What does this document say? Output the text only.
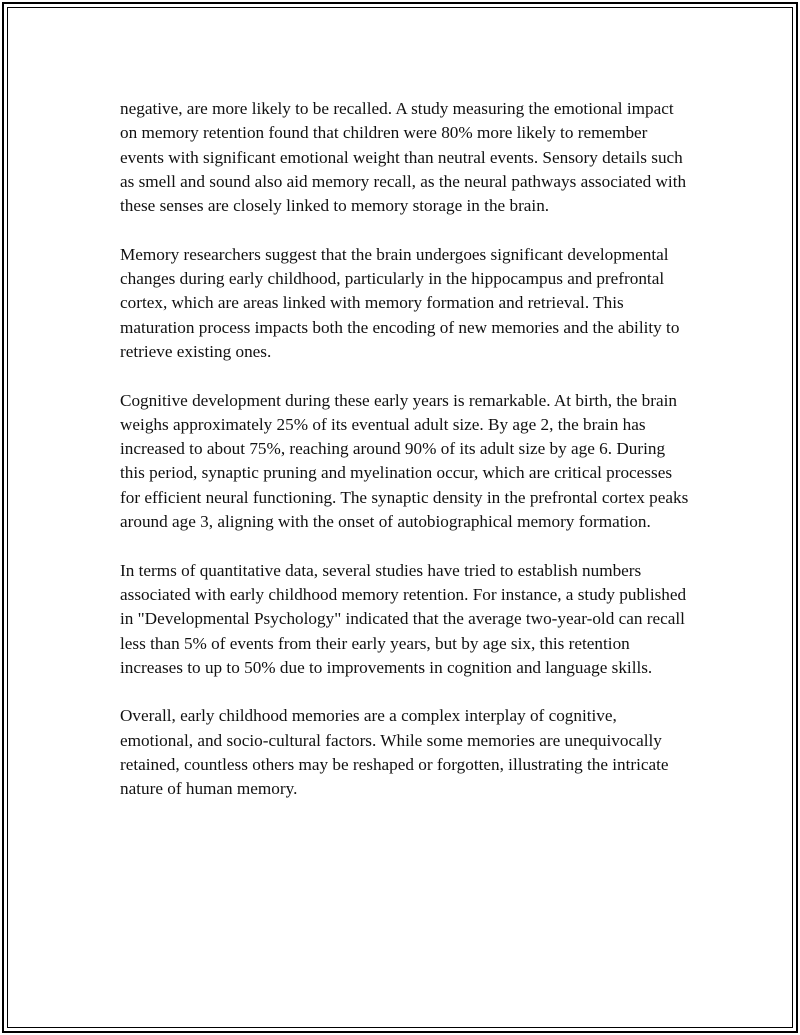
negative, are more likely to be recalled. A study measuring the emotional impact on memory retention found that children were 80% more likely to remember events with significant emotional weight than neutral events. Sensory details such as smell and sound also aid memory recall, as the neural pathways associated with these senses are closely linked to memory storage in the brain.

Memory researchers suggest that the brain undergoes significant developmental changes during early childhood, particularly in the hippocampus and prefrontal cortex, which are areas linked with memory formation and retrieval. This maturation process impacts both the encoding of new memories and the ability to retrieve existing ones.

Cognitive development during these early years is remarkable. At birth, the brain weighs approximately 25% of its eventual adult size. By age 2, the brain has increased to about 75%, reaching around 90% of its adult size by age 6. During this period, synaptic pruning and myelination occur, which are critical processes for efficient neural functioning. The synaptic density in the prefrontal cortex peaks around age 3, aligning with the onset of autobiographical memory formation.

In terms of quantitative data, several studies have tried to establish numbers associated with early childhood memory retention. For instance, a study published in "Developmental Psychology" indicated that the average two-year-old can recall less than 5% of events from their early years, but by age six, this retention increases to up to 50% due to improvements in cognition and language skills.

Overall, early childhood memories are a complex interplay of cognitive, emotional, and socio-cultural factors. While some memories are unequivocally retained, countless others may be reshaped or forgotten, illustrating the intricate nature of human memory.
